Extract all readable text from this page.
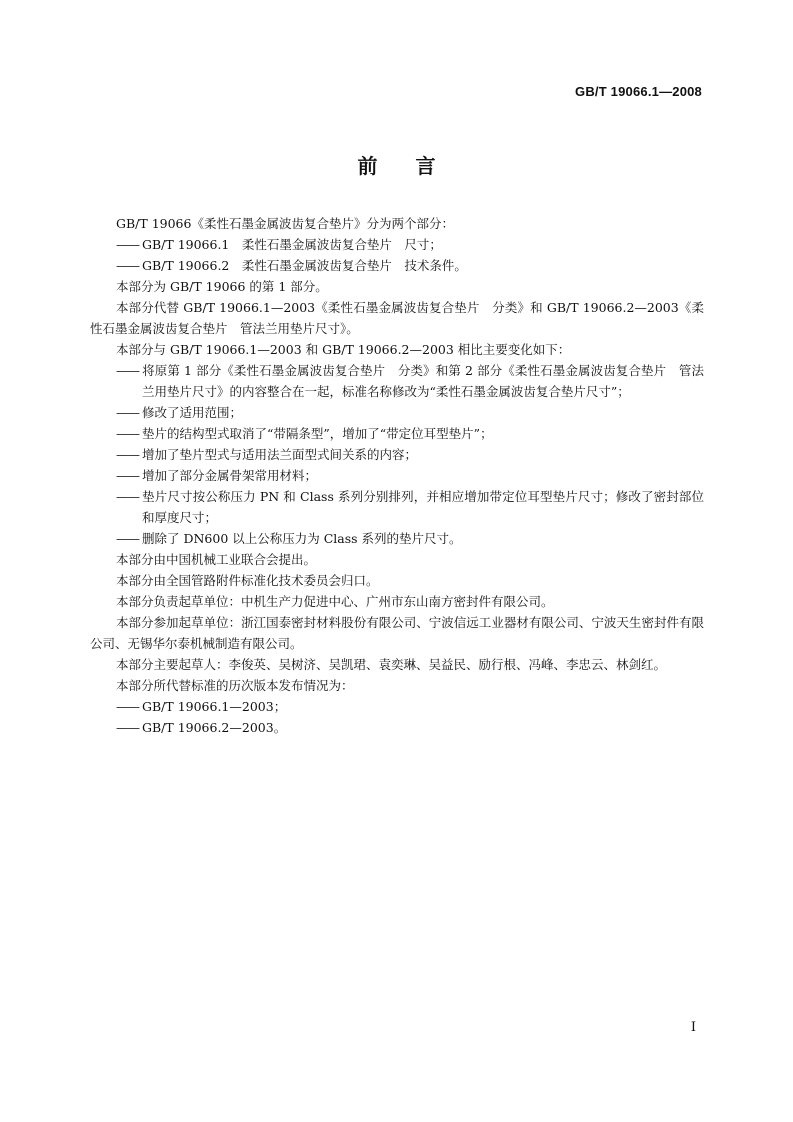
GB/T 19066.1—2008
前言

GB/T 19066《柔性石墨金属波齿复合垫片》分为两个部分：

—— GB/T 19066.1　柔性石墨金属波齿复合垫片　尺寸；

—— GB/T 19066.2　柔性石墨金属波齿复合垫片　技术条件。

本部分为 GB/T 19066 的第 1 部分。

本部分代替 GB/T 19066.1—2003《柔性石墨金属波齿复合垫片　分类》和 GB/T 19066.2—2003《柔性石墨金属波齿复合垫片　管法兰用垫片尺寸》。

本部分与 GB/T 19066.1—2003 和 GB/T 19066.2—2003 相比主要变化如下：

—— 将原第 1 部分《柔性石墨金属波齿复合垫片　分类》和第 2 部分《柔性石墨金属波齿复合垫片　管法兰用垫片尺寸》的内容整合在一起，标准名称修改为“柔性石墨金属波齿复合垫片尺寸”；

—— 修改了适用范围；

—— 垫片的结构型式取消了“带隔条型”，增加了“带定位耳型垫片”；

—— 增加了垫片型式与适用法兰面型式间关系的内容；

—— 增加了部分金属骨架常用材料；

—— 垫片尺寸按公称压力 PN 和 Class 系列分别排列，并相应增加带定位耳型垫片尺寸；修改了密封部位和厚度尺寸；

—— 删除了 DN600 以上公称压力为 Class 系列的垫片尺寸。

本部分由中国机械工业联合会提出。

本部分由全国管路附件标准化技术委员会归口。

本部分负责起草单位：中机生产力促进中心、广州市东山南方密封件有限公司。

本部分参加起草单位：浙江国泰密封材料股份有限公司、宁波信远工业器材有限公司、宁波天生密封件有限公司、无锡华尔泰机械制造有限公司。

本部分主要起草人：李俊英、吴树济、吴凯珺、袁奕琳、吴益民、励行根、冯峰、李忠云、林剑红。

本部分所代替标准的历次版本发布情况为：

—— GB/T 19066.1—2003；

—— GB/T 19066.2—2003。

I
